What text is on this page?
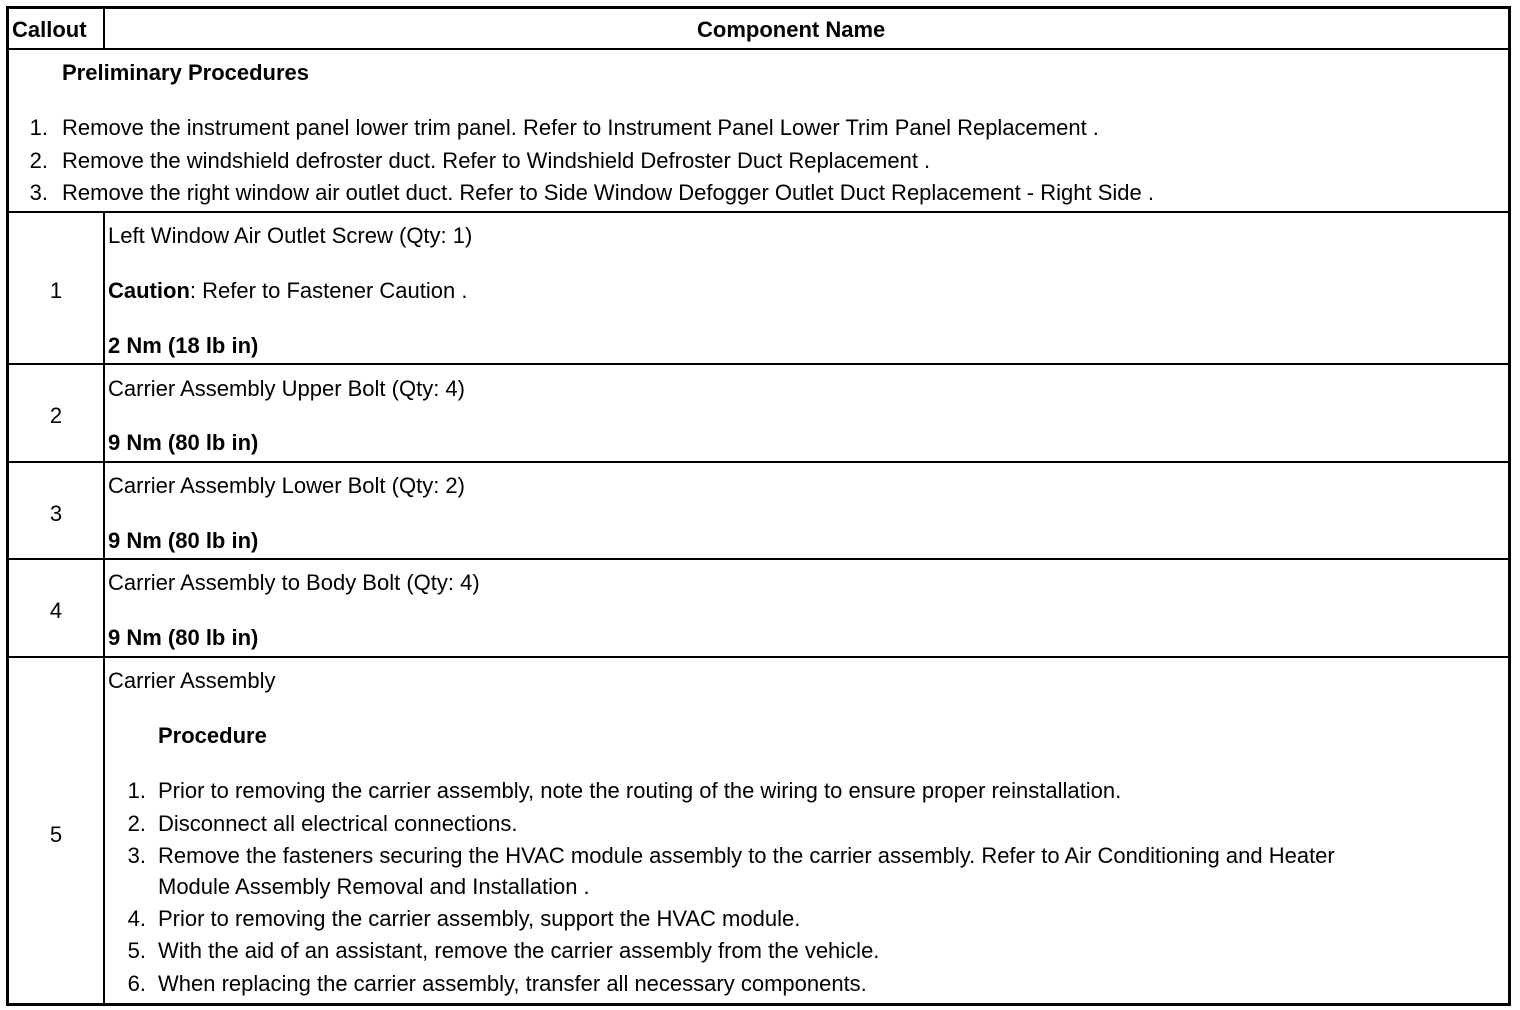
Callout	Component Name
Preliminary Procedures
1. Remove the instrument panel lower trim panel. Refer to Instrument Panel Lower Trim Panel Replacement .
2. Remove the windshield defroster duct. Refer to Windshield Defroster Duct Replacement .
3. Remove the right window air outlet duct. Refer to Side Window Defogger Outlet Duct Replacement - Right Side .
1
Left Window Air Outlet Screw (Qty: 1)
Caution: Refer to Fastener Caution .
2 Nm (18 lb in)
2
Carrier Assembly Upper Bolt (Qty: 4)
9 Nm (80 lb in)
3
Carrier Assembly Lower Bolt (Qty: 2)
9 Nm (80 lb in)
4
Carrier Assembly to Body Bolt (Qty: 4)
9 Nm (80 lb in)
5
Carrier Assembly
Procedure
1. Prior to removing the carrier assembly, note the routing of the wiring to ensure proper reinstallation.
2. Disconnect all electrical connections.
3. Remove the fasteners securing the HVAC module assembly to the carrier assembly. Refer to Air Conditioning and Heater
Module Assembly Removal and Installation .
4. Prior to removing the carrier assembly, support the HVAC module.
5. With the aid of an assistant, remove the carrier assembly from the vehicle.
6. When replacing the carrier assembly, transfer all necessary components.
